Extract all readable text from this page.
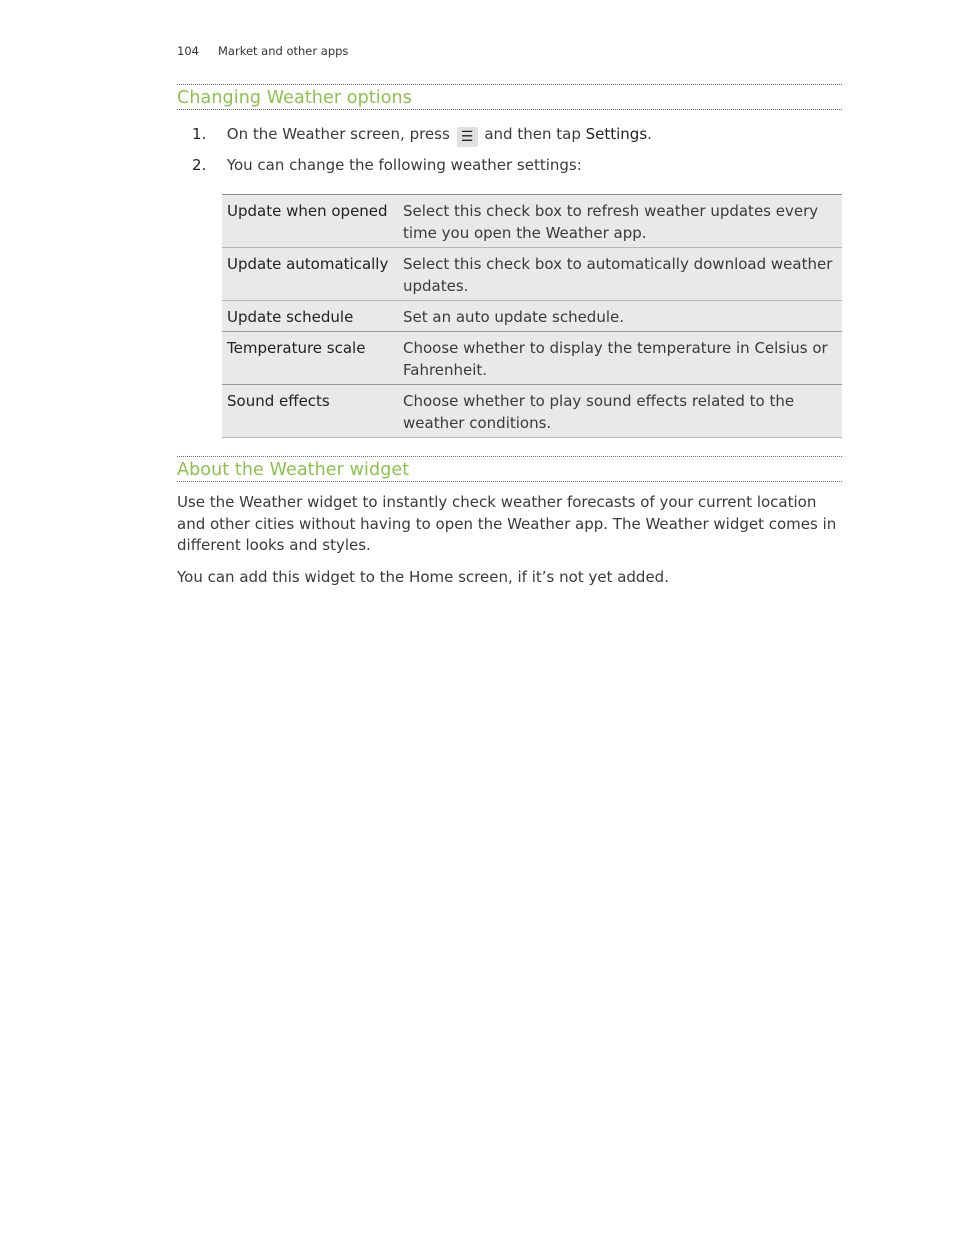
104 Market and other apps
Changing Weather options
1. On the Weather screen, press ☰ and then tap Settings.
2. You can change the following weather settings:
Update when opened	Select this check box to refresh weather updates every time you open the Weather app.
Update automatically	Select this check box to automatically download weather updates.
Update schedule	Set an auto update schedule.
Temperature scale	Choose whether to display the temperature in Celsius or Fahrenheit.
Sound effects	Choose whether to play sound effects related to the weather conditions.
About the Weather widget

Use the Weather widget to instantly check weather forecasts of your current location and other cities without having to open the Weather app. The Weather widget comes in different looks and styles.

You can add this widget to the Home screen, if it’s not yet added.
